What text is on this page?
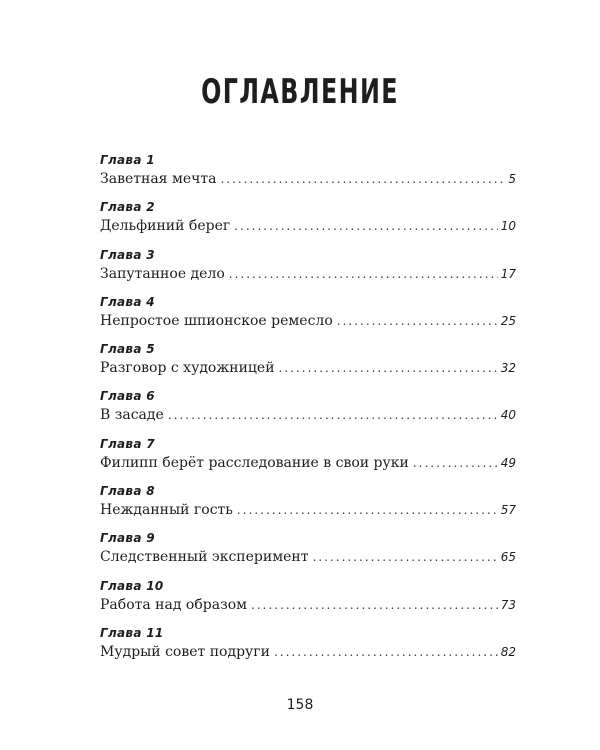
ОГЛАВЛЕНИЕ
Глава 1
Заветная мечта .....	5
Глава 2
Дельфиний берег .....	10
Глава 3
Запутанное дело .....	17
Глава 4
Непростое шпионское ремесло .....	25
Глава 5
Разговор с художницей .....	32
Глава 6
В засаде .....	40
Глава 7
Филипп берёт расследование в свои руки .....	49
Глава 8
Нежданный гость .....	57
Глава 9
Следственный эксперимент .....	65
Глава 10
Работа над образом .....	73
Глава 11
Мудрый совет подруги .....	82
158
